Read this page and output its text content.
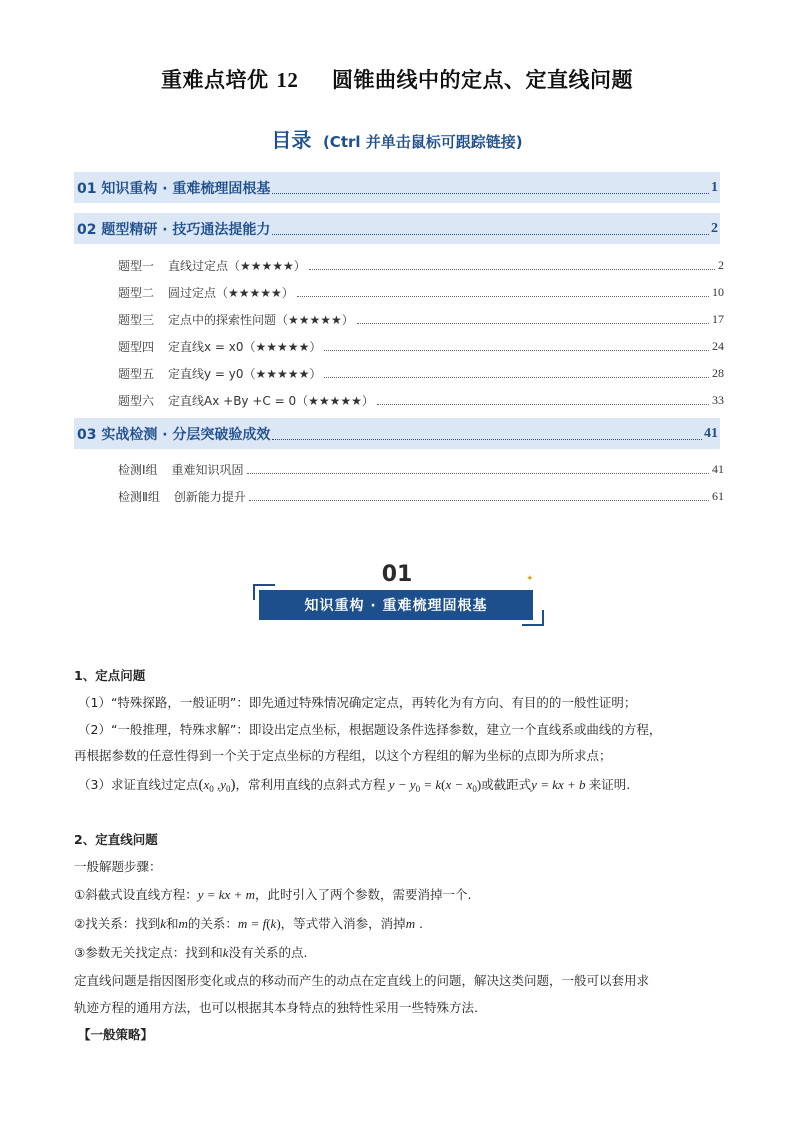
重难点培优 12 圆锥曲线中的定点、定直线问题
目录 (Ctrl 并单击鼠标可跟踪链接)
01 知识重构 · 重难梳理固根基	1
02 题型精研 · 技巧通法提能力	2
题型一 直线过定点（★★★★★）	2
题型二 圆过定点（★★★★★）	10
题型三 定点中的探索性问题（★★★★★）	17
题型四 定直线x = x0（★★★★★）	24
题型五 定直线y = y0（★★★★★）	28
题型六 定直线Ax +By +C = 0（★★★★★）	33
03 实战检测 · 分层突破验成效	41
检测Ⅰ组 重难知识巩固	41
检测Ⅱ组 创新能力提升	61
01	✦
知识重构 · 重难梳理固根基
1、定点问题
（1）“特殊探路，一般证明”：即先通过特殊情况确定定点，再转化为有方向、有目的的一般性证明；
（2）“一般推理，特殊求解”：即设出定点坐标，根据题设条件选择参数，建立一个直线系或曲线的方程，
再根据参数的任意性得到一个关于定点坐标的方程组，以这个方程组的解为坐标的点即为所求点；
（3）求证直线过定点($x_0$ $,y_0$)，常利用直线的点斜式方程 $y - y_0 = k(x - x_0)$或截距式y = kx + b 来证明.
2、定直线问题
一般解题步骤：
①斜截式设直线方程：y = kx + m，此时引入了两个参数，需要消掉一个.
②找关系：找到k和m的关系：m = f(k)，等式带入消参，消掉m .
③参数无关找定点：找到和k没有关系的点.
定直线问题是指因图形变化或点的移动而产生的动点在定直线上的问题，解决这类问题，一般可以套用求
轨迹方程的通用方法，也可以根据其本身特点的独特性采用一些特殊方法.
【一般策略】
